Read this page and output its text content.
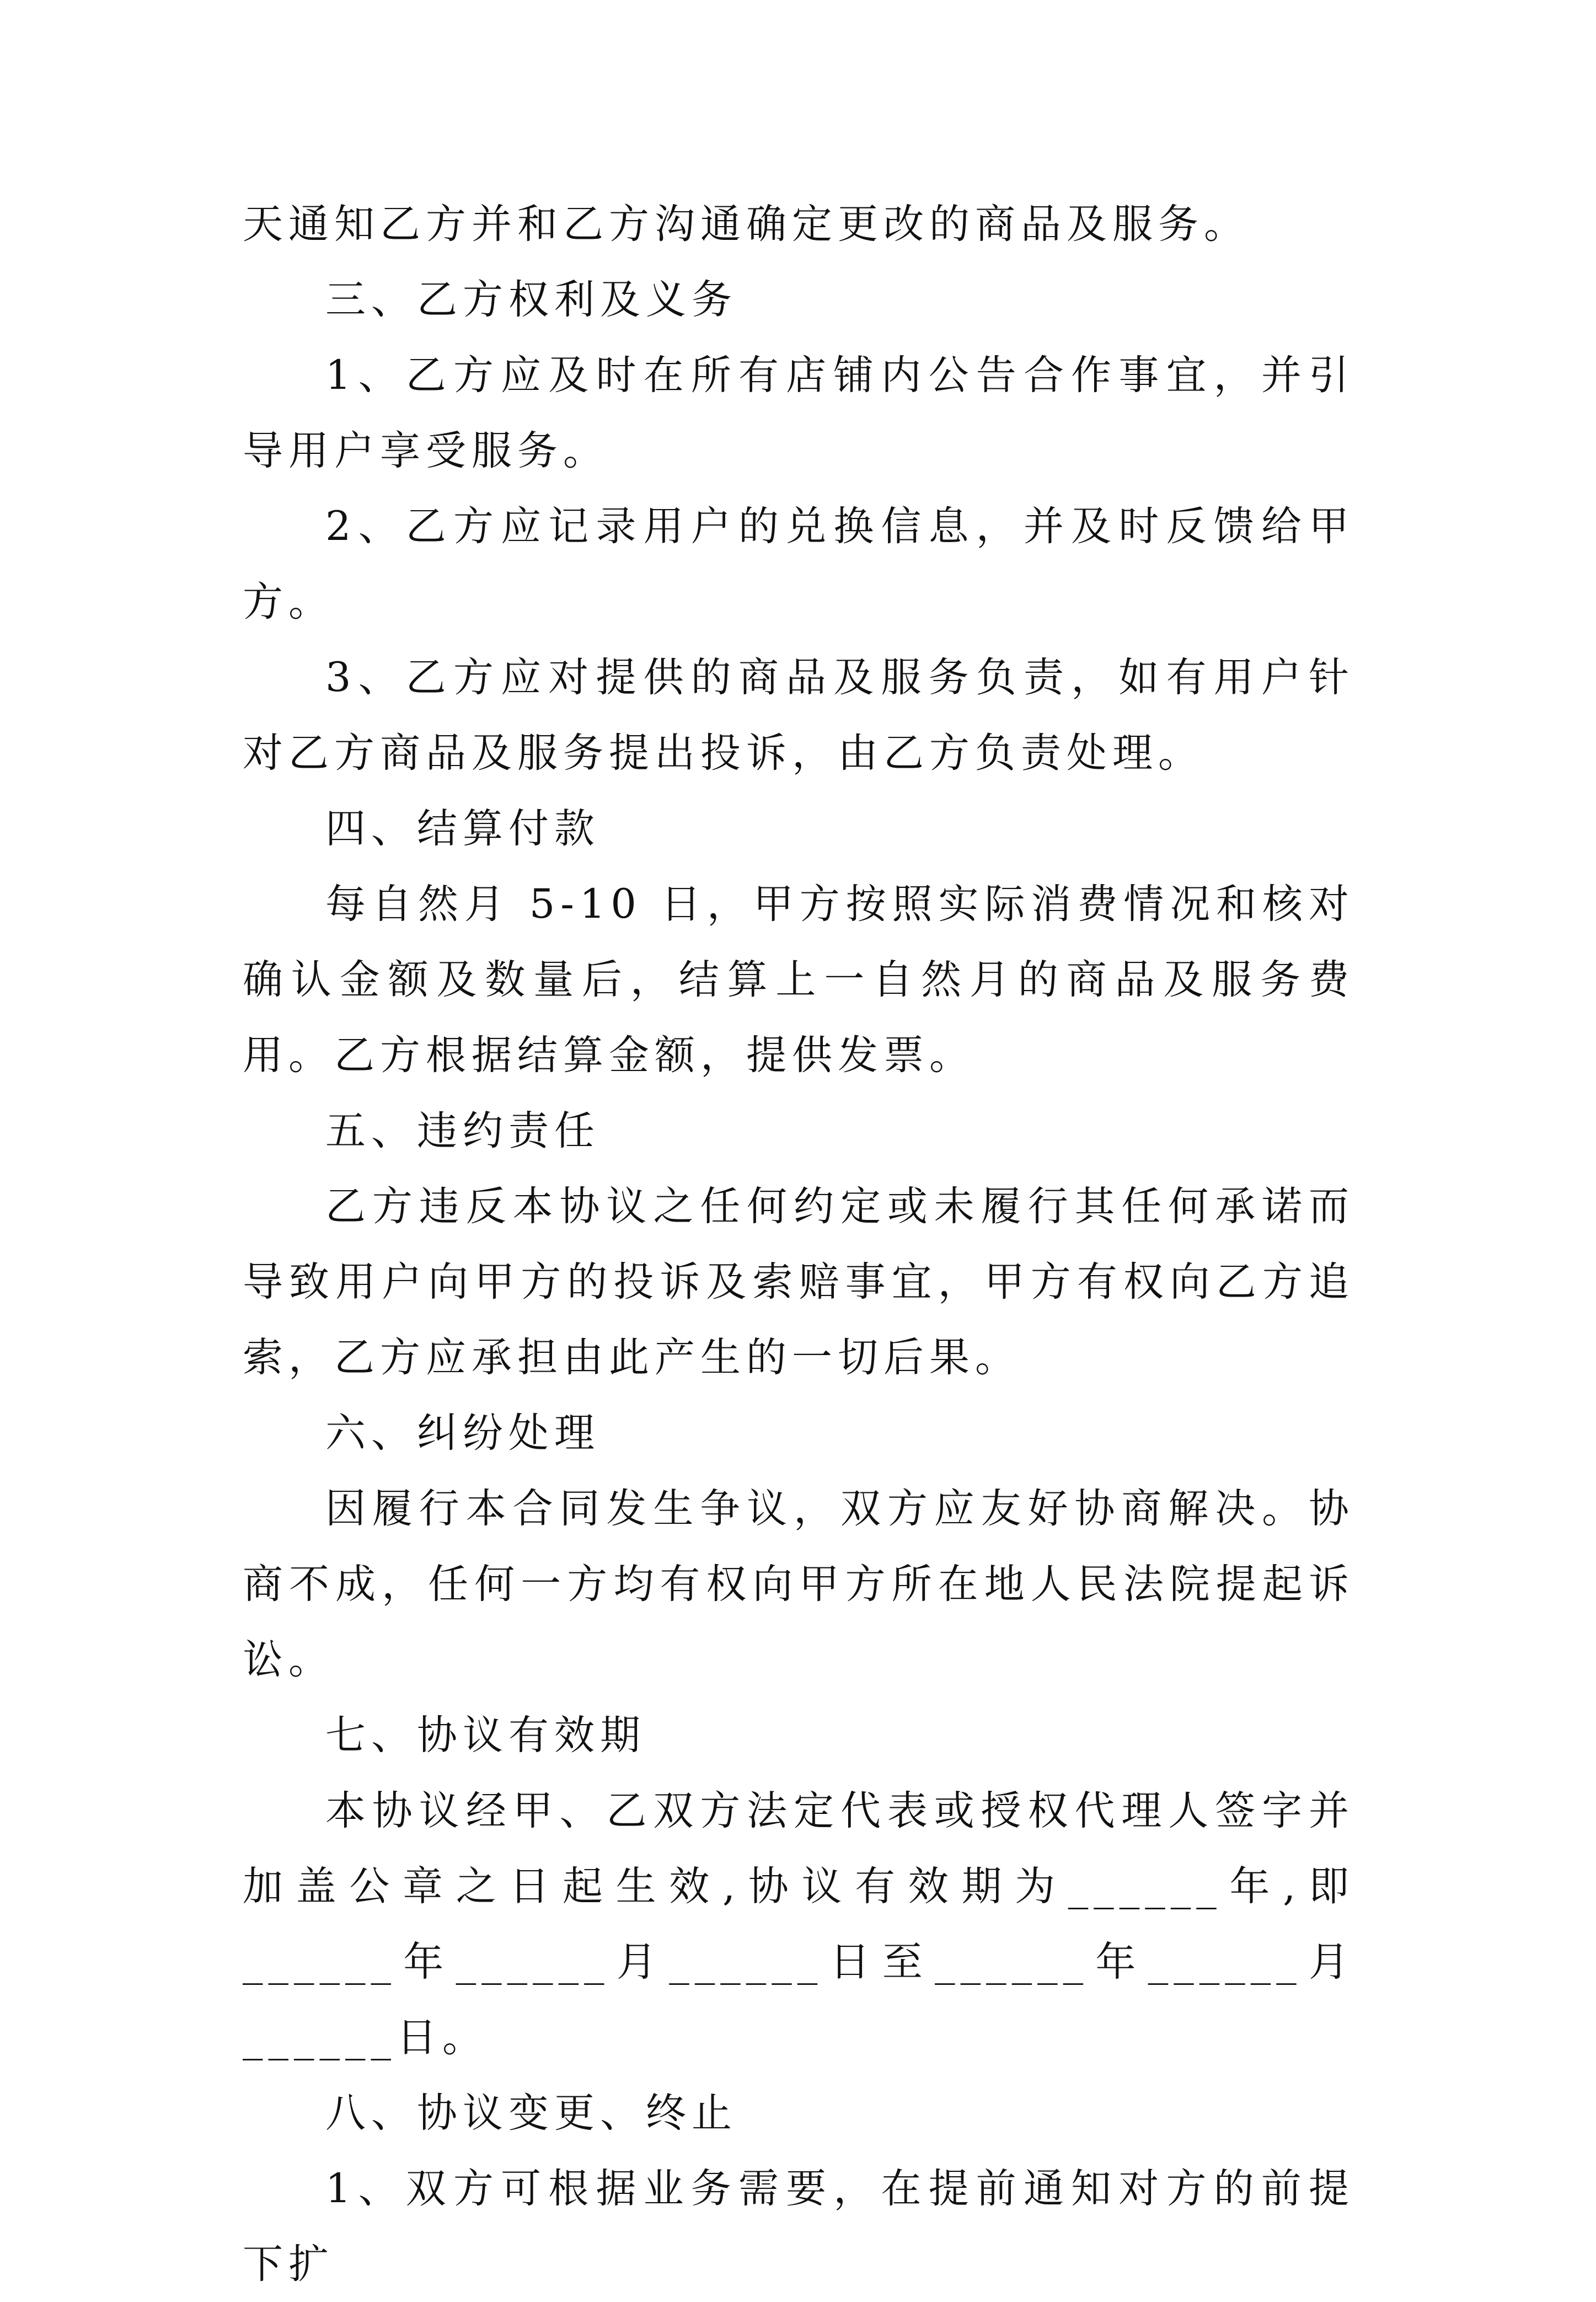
天通知乙方并和乙方沟通确定更改的商品及服务。

三、乙方权利及义务

1、乙方应及时在所有店铺内公告合作事宜，并引导用户享受服务。

2、乙方应记录用户的兑换信息，并及时反馈给甲方。

3、乙方应对提供的商品及服务负责，如有用户针对乙方商品及服务提出投诉，由乙方负责处理。

四、结算付款

每自然月 5-10 日，甲方按照实际消费情况和核对确认金额及数量后，结算上一自然月的商品及服务费用。乙方根据结算金额，提供发票。

五、违约责任

乙方违反本协议之任何约定或未履行其任何承诺而导致用户向甲方的投诉及索赔事宜，甲方有权向乙方追索，乙方应承担由此产生的一切后果。

六、纠纷处理

因履行本合同发生争议，双方应友好协商解决。协商不成，任何一方均有权向甲方所在地人民法院提起诉讼。

七、协议有效期

本协议经甲、乙双方法定代表或授权代理人签字并加盖公章之日起生效,协议有效期为______年,即______年______月______日至______年______月______日。

八、协议变更、终止

1、双方可根据业务需要，在提前通知对方的前提下扩
